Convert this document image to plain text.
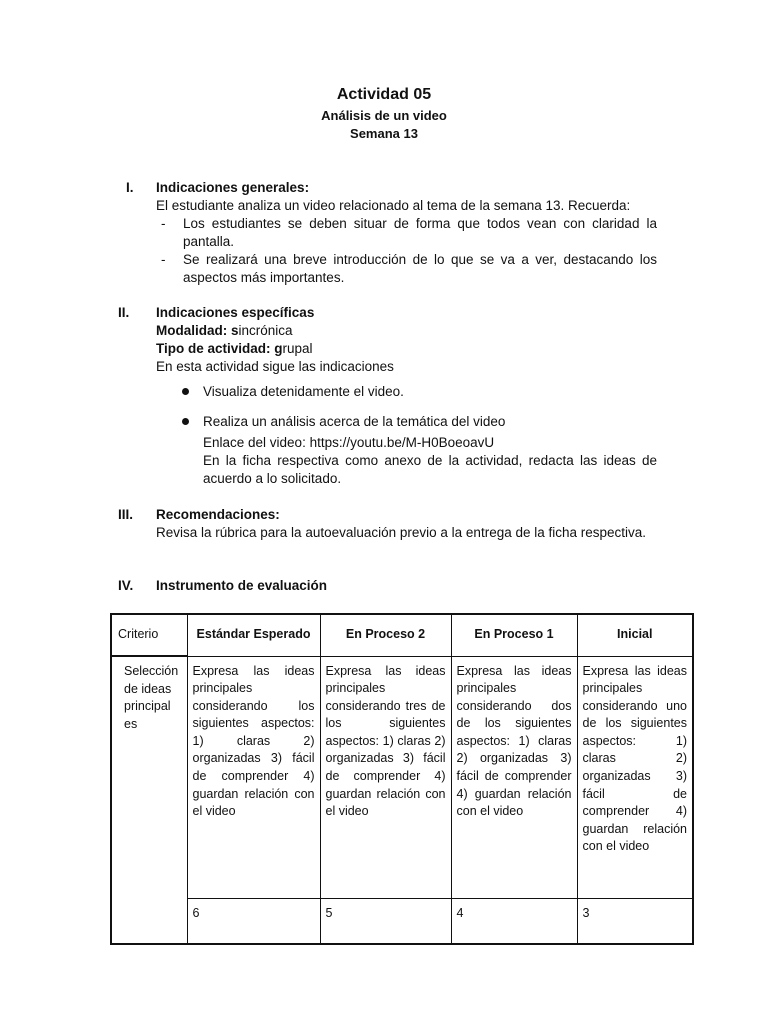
Actividad 05
Análisis de un video
Semana 13
I. Indicaciones generales:
El estudiante analiza un video relacionado al tema de la semana 13. Recuerda:
- Los estudiantes se deben situar de forma que todos vean con claridad la pantalla.
- Se realizará una breve introducción de lo que se va a ver, destacando los aspectos más importantes.
II. Indicaciones específicas
Modalidad: sincrónica
Tipo de actividad: grupal
En esta actividad sigue las indicaciones
Visualiza detenidamente el video.
Realiza un análisis acerca de la temática del video
Enlace del video: https://youtu.be/M-H0BoeoavU
En la ficha respectiva como anexo de la actividad, redacta las ideas de acuerdo a lo solicitado.
III. Recomendaciones:
Revisa la rúbrica para la autoevaluación previo a la entrega de la ficha respectiva.
IV. Instrumento de evaluación
Criterio	Estándar Esperado	En Proceso 2	En Proceso 1	Inicial
Selección de ideas principal es	Expresa las ideas principales considerando los siguientes aspectos: 1) claras 2) organizadas 3) fácil de comprender 4) guardan relación con el video	Expresa las ideas principales considerando tres de los siguientes aspectos: 1) claras 2) organizadas 3) fácil de comprender 4) guardan relación con el video	Expresa las ideas principales considerando dos de los siguientes aspectos: 1) claras 2) organizadas 3) fácil de comprender 4) guardan relación con el video	Expresa las ideas principales considerando uno de los siguientes aspectos: 1) claras 2) organizadas 3) fácil de comprender 4) guardan relación con el video
	6	5	4	3
